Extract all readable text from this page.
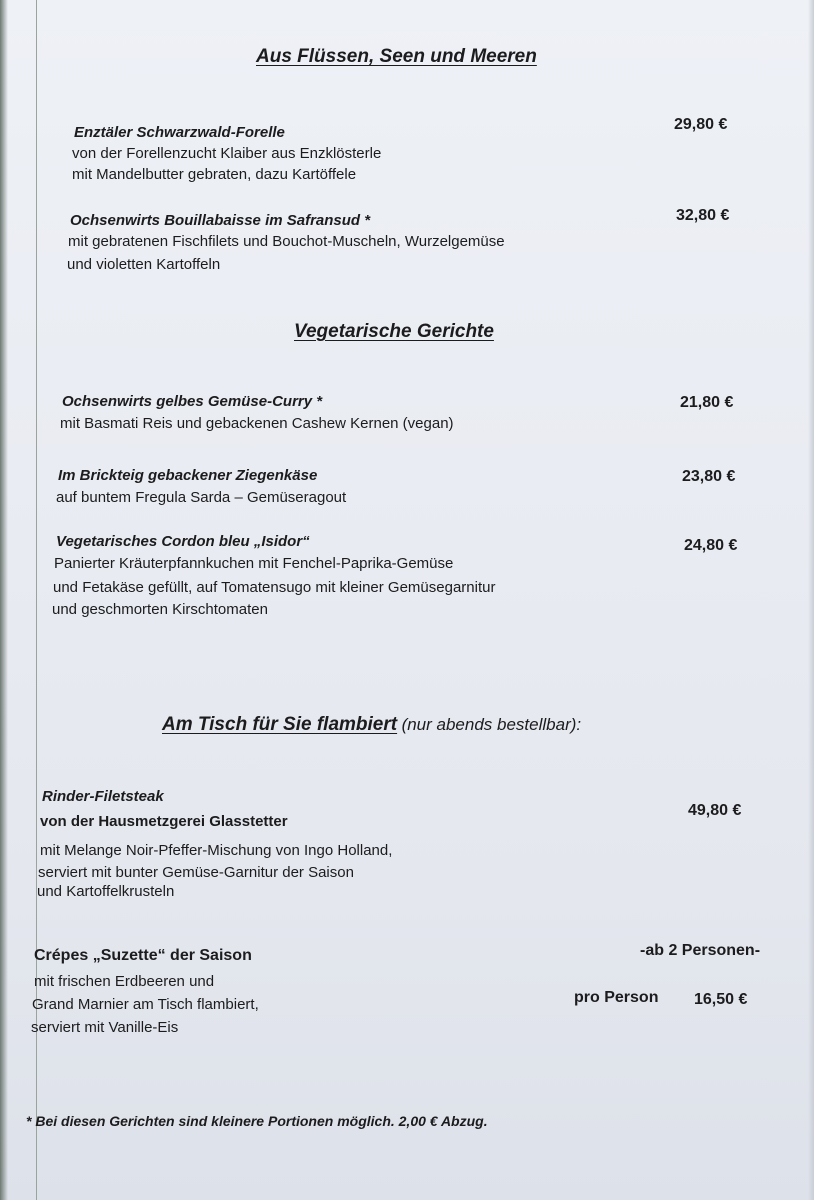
Aus Flüssen, Seen und Meeren
Enztäler Schwarzwald-Forelle
von der Forellenzucht Klaiber aus Enzklösterle
mit Mandelbutter gebraten, dazu Kartöffele
29,80 €
Ochsenwirts Bouillabaisse im Safransud *
mit gebratenen Fischfilets und Bouchot-Muscheln, Wurzelgemüse
und violetten Kartoffeln
32,80 €
Vegetarische Gerichte
Ochsenwirts gelbes Gemüse-Curry *
mit Basmati Reis und gebackenen Cashew Kernen (vegan)
21,80 €
Im Brickteig gebackener Ziegenkäse
auf buntem Fregula Sarda – Gemüseragout
23,80 €
Vegetarisches Cordon bleu „Isidor“
Panierter Kräuterpfannkuchen mit Fenchel-Paprika-Gemüse
und Fetakäse gefüllt, auf Tomatensugo mit kleiner Gemüsegarnitur
und geschmorten Kirschtomaten
24,80 €
Am Tisch für Sie flambiert (nur abends bestellbar):
Rinder-Filetsteak
von der Hausmetzgerei Glasstetter
mit Melange Noir-Pfeffer-Mischung von Ingo Holland,
serviert mit bunter Gemüse-Garnitur der Saison
und Kartoffelkrusteln
49,80 €
Crépes „Suzette“ der Saison
mit frischen Erdbeeren und
Grand Marnier am Tisch flambiert,
serviert mit Vanille-Eis
-ab 2 Personen-
pro Person 16,50 €
* Bei diesen Gerichten sind kleinere Portionen möglich. 2,00 € Abzug.
